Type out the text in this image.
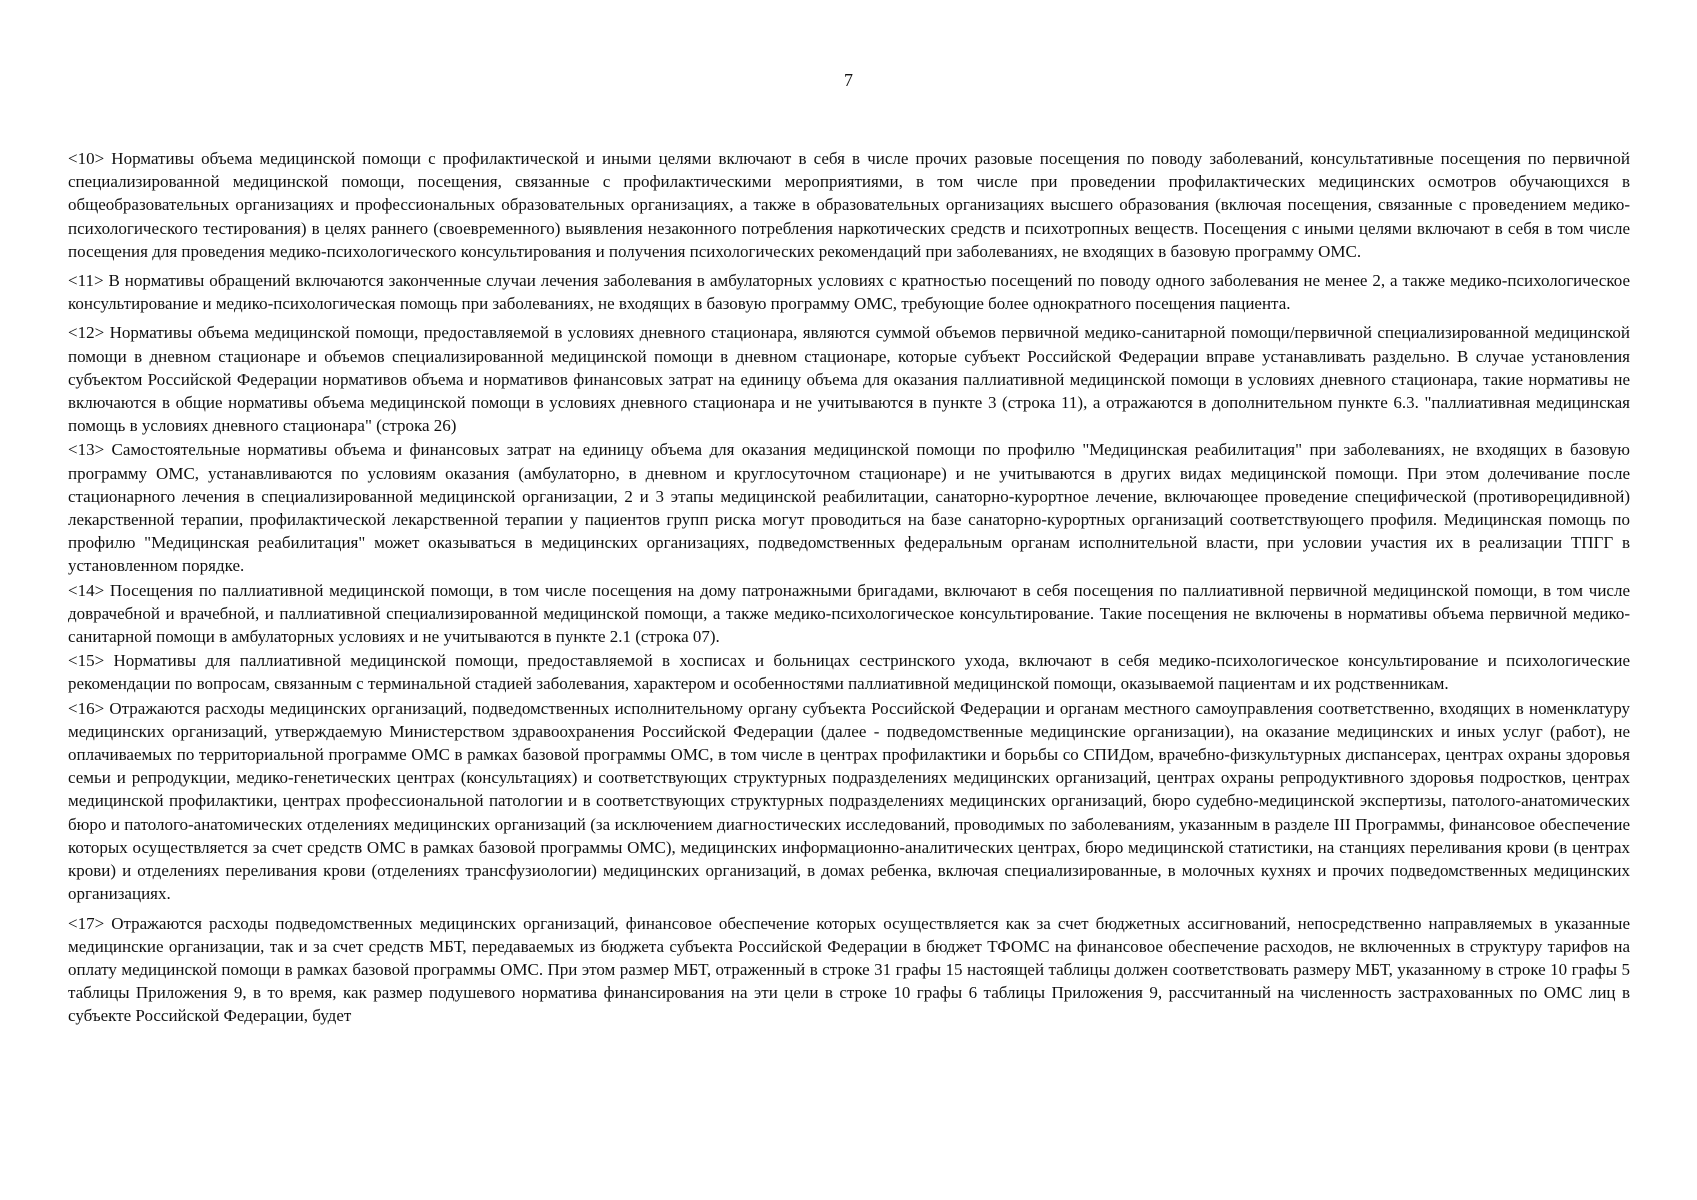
7

<10> Нормативы объема медицинской помощи с профилактической и иными целями включают в себя в числе прочих разовые посещения по поводу заболеваний, консультативные посещения по первичной специализированной медицинской помощи, посещения, связанные с профилактическими мероприятиями, в том числе при проведении профилактических медицинских осмотров обучающихся в общеобразовательных организациях и профессиональных образовательных организациях, а также в образовательных организациях высшего образования (включая посещения, связанные с проведением медико-психологического тестирования) в целях раннего (своевременного) выявления незаконного потребления наркотических средств и психотропных веществ. Посещения с иными целями включают в себя в том числе посещения для проведения медико-психологического консультирования и получения психологических рекомендаций при заболеваниях, не входящих в базовую программу ОМС.

<11> В нормативы обращений включаются законченные случаи лечения заболевания в амбулаторных условиях с кратностью посещений по поводу одного заболевания не менее 2, а также медико-психологическое консультирование и медико-психологическая помощь при заболеваниях, не входящих в базовую программу ОМС, требующие более однократного посещения пациента.

<12> Нормативы объема медицинской помощи, предоставляемой в условиях дневного стационара, являются суммой объемов первичной медико-санитарной помощи/первичной специализированной медицинской помощи в дневном стационаре и объемов специализированной медицинской помощи в дневном стационаре, которые субъект Российской Федерации вправе устанавливать раздельно. В случае установления субъектом Российской Федерации нормативов объема и нормативов финансовых затрат на единицу объема для оказания паллиативной медицинской помощи в условиях дневного стационара, такие нормативы не включаются в общие нормативы объема медицинской помощи в условиях дневного стационара и не учитываются в пункте 3 (строка 11), а отражаются в дополнительном пункте 6.3. "паллиативная медицинская помощь в условиях дневного стационара" (строка 26)

<13> Самостоятельные нормативы объема и финансовых затрат на единицу объема для оказания медицинской помощи по профилю "Медицинская реабилитация" при заболеваниях, не входящих в базовую программу ОМС, устанавливаются по условиям оказания (амбулаторно, в дневном и круглосуточном стационаре) и не учитываются в других видах медицинской помощи. При этом долечивание после стационарного лечения в специализированной медицинской организации, 2 и 3 этапы медицинской реабилитации, санаторно-курортное лечение, включающее проведение специфической (противорецидивной) лекарственной терапии, профилактической лекарственной терапии у пациентов групп риска могут проводиться на базе санаторно-курортных организаций соответствующего профиля. Медицинская помощь по профилю "Медицинская реабилитация" может оказываться в медицинских организациях, подведомственных федеральным органам исполнительной власти, при условии участия их в реализации ТПГГ в установленном порядке.

<14> Посещения по паллиативной медицинской помощи, в том числе посещения на дому патронажными бригадами, включают в себя посещения по паллиативной первичной медицинской помощи, в том числе доврачебной и врачебной, и паллиативной специализированной медицинской помощи, а также медико-психологическое консультирование. Такие посещения не включены в нормативы объема первичной медико-санитарной помощи в амбулаторных условиях и не учитываются в пункте 2.1 (строка 07).

<15> Нормативы для паллиативной медицинской помощи, предоставляемой в хосписах и больницах сестринского ухода, включают в себя медико-психологическое консультирование и психологические рекомендации по вопросам, связанным с терминальной стадией заболевания, характером и особенностями паллиативной медицинской помощи, оказываемой пациентам и их родственникам.

<16> Отражаются расходы медицинских организаций, подведомственных исполнительному органу субъекта Российской Федерации и органам местного самоуправления соответственно, входящих в номенклатуру медицинских организаций, утверждаемую Министерством здравоохранения Российской Федерации (далее - подведомственные медицинские организации), на оказание медицинских и иных услуг (работ), не оплачиваемых по территориальной программе ОМС в рамках базовой программы ОМС, в том числе в центрах профилактики и борьбы со СПИДом, врачебно-физкультурных диспансерах, центрах охраны здоровья семьи и репродукции, медико-генетических центрах (консультациях) и соответствующих структурных подразделениях медицинских организаций, центрах охраны репродуктивного здоровья подростков, центрах медицинской профилактики, центрах профессиональной патологии и в соответствующих структурных подразделениях медицинских организаций, бюро судебно-медицинской экспертизы, патолого-анатомических бюро и патолого-анатомических отделениях медицинских организаций (за исключением диагностических исследований, проводимых по заболеваниям, указанным в разделе III Программы, финансовое обеспечение которых осуществляется за счет средств ОМС в рамках базовой программы ОМС), медицинских информационно-аналитических центрах, бюро медицинской статистики, на станциях переливания крови (в центрах крови) и отделениях переливания крови (отделениях трансфузиологии) медицинских организаций, в домах ребенка, включая специализированные, в молочных кухнях и прочих подведомственных медицинских организациях.

<17> Отражаются расходы подведомственных медицинских организаций, финансовое обеспечение которых осуществляется как за счет бюджетных ассигнований, непосредственно направляемых в указанные медицинские организации, так и за счет средств МБТ, передаваемых из бюджета субъекта Российской Федерации в бюджет ТФОМС на финансовое обеспечение расходов, не включенных в структуру тарифов на оплату медицинской помощи в рамках базовой программы ОМС. При этом размер МБТ, отраженный в строке 31 графы 15 настоящей таблицы должен соответствовать размеру МБТ, указанному в строке 10 графы 5 таблицы Приложения 9, в то время, как размер подушевого норматива финансирования на эти цели в строке 10 графы 6 таблицы Приложения 9, рассчитанный на численность застрахованных по ОМС лиц в субъекте Российской Федерации, будет
